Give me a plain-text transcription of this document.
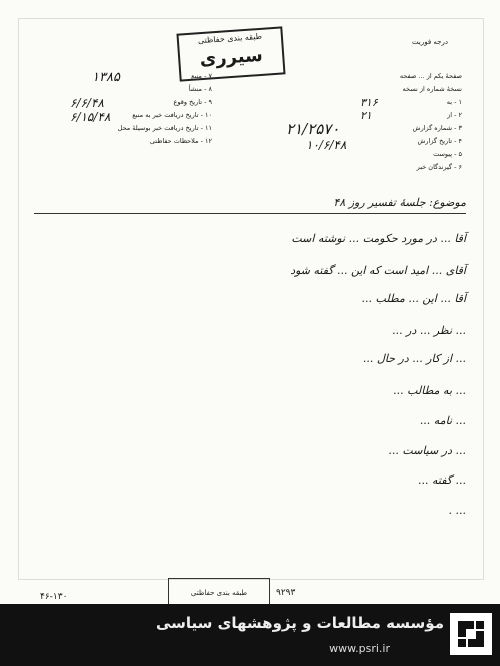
طبقه بندی حفاظتی
سیرری
درجه فوریت
صفحهٔ یکم از ... صفحه
نسخهٔ شماره از نسخه
۱ - به
۲ - از
۳ - شماره گزارش
۴ - تاریخ گزارش
۵ - پیوست
۶ - گیرندگان خبر
۷ - منبع
۸ - منشأ
۹ - تاریخ وقوع
۱۰ - تاریخ دریافت خبر به منبع
۱۱ - تاریخ دریافت خبر بوسیلهٔ محل
۱۲ - ملاحظات حفاظتی
۱۳۸۵
۶/۶/۴۸
۶/۱۵/۴۸
۳۱۶
۲۱
۲۱/۲۵۷۰
۱۰/۶/۴۸
موضوع: جلسهٔ تفسیر روز ۴۸
آقا ... در مورد حکومت ... نوشته است
آقای ... امید است که این ... گفته شود
آقا ... این ... مطلب ...
... نظر ... در ...
... از کار ... در حال ...
... به مطالب ...
... نامه ...
... در سیاست ...
... گفته ...
... .
طبقه بندی حفاظتی	۹۲۹۳
۴۶-۱۳۰
مؤسسه مطالعات و پژوهشهای سیاسی
www.psri.ir
